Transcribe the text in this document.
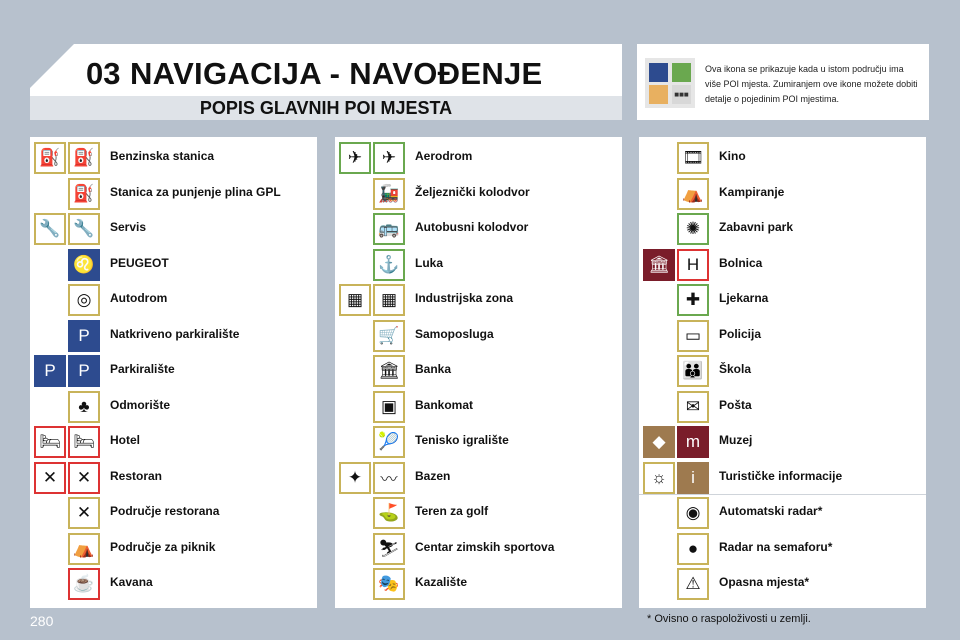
03 NAVIGACIJA - NAVOĐENJE
POPIS GLAVNIH POI MJESTA
■■■
Ova ikona se prikazuje kada u istom području ima više POI mjesta. Zumiranjem ove ikone možete dobiti detalje o pojedinim POI mjestima.
⛽ ⛽ Benzinska stanica
⛽ Stanica za punjenje plina GPL
🔧 🔧 Servis
♌ PEUGEOT
◎	Autodrom
P	Natkriveno parkiralište
P	P	Parkiralište
♣	Odmorište
🛏 🛏 Hotel
✕	✕	Restoran
✕	Područje restorana
⛺ Područje za piknik
☕ Kavana
✈	✈	Aerodrom
🚂 Željeznički kolodvor
🚌 Autobusni kolodvor
⚓ Luka
▦	▦	Industrijska zona
🛒 Samoposluga
🏛 Banka
▣	Bankomat
🎾 Tenisko igralište
✦	〰	Bazen
⛳ Teren za golf
⛷ Centar zimskih sportova
🎭 Kazalište
🎞 Kino
⛺ Kampiranje
✺	Zabavni park
🏛	H	Bolnica
✚	Ljekarna
▭	Policija
👪 Škola
✉	Pošta
◆	m	Muzej
☼	i	Turističke informacije
◉	Automatski radar*
●	Radar na semaforu*
⚠	Opasna mjesta*
280	* Ovisno o raspoloživosti u zemlji.
